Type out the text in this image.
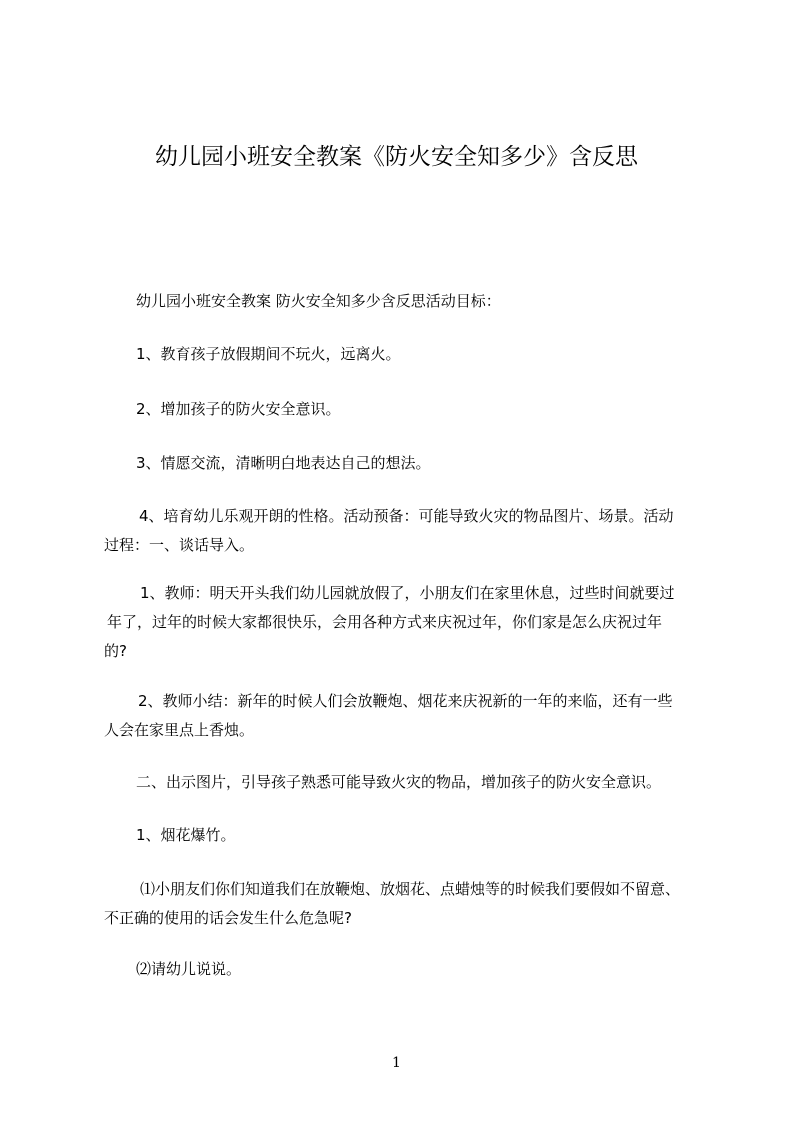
幼儿园小班安全教案《防火安全知多少》含反思
幼儿园小班安全教案 防火安全知多少含反思活动目标：
1、教育孩子放假期间不玩火，远离火。
2、增加孩子的防火安全意识。
3、情愿交流，清晰明白地表达自己的想法。
4、培育幼儿乐观开朗的性格。活动预备：可能导致火灾的物品图片、场景。活动
过程：一、谈话导入。
1、教师：明天开头我们幼儿园就放假了，小朋友们在家里休息，过些时间就要过
年了，过年的时候大家都很快乐，会用各种方式来庆祝过年，你们家是怎么庆祝过年
的?
2、教师小结：新年的时候人们会放鞭炮、烟花来庆祝新的一年的来临，还有一些
人会在家里点上香烛。
二、出示图片，引导孩子熟悉可能导致火灾的物品，增加孩子的防火安全意识。
1、烟花爆竹。
⑴小朋友们你们知道我们在放鞭炮、放烟花、点蜡烛等的时候我们要假如不留意、
不正确的使用的话会发生什么危急呢?
⑵请幼儿说说。
1
